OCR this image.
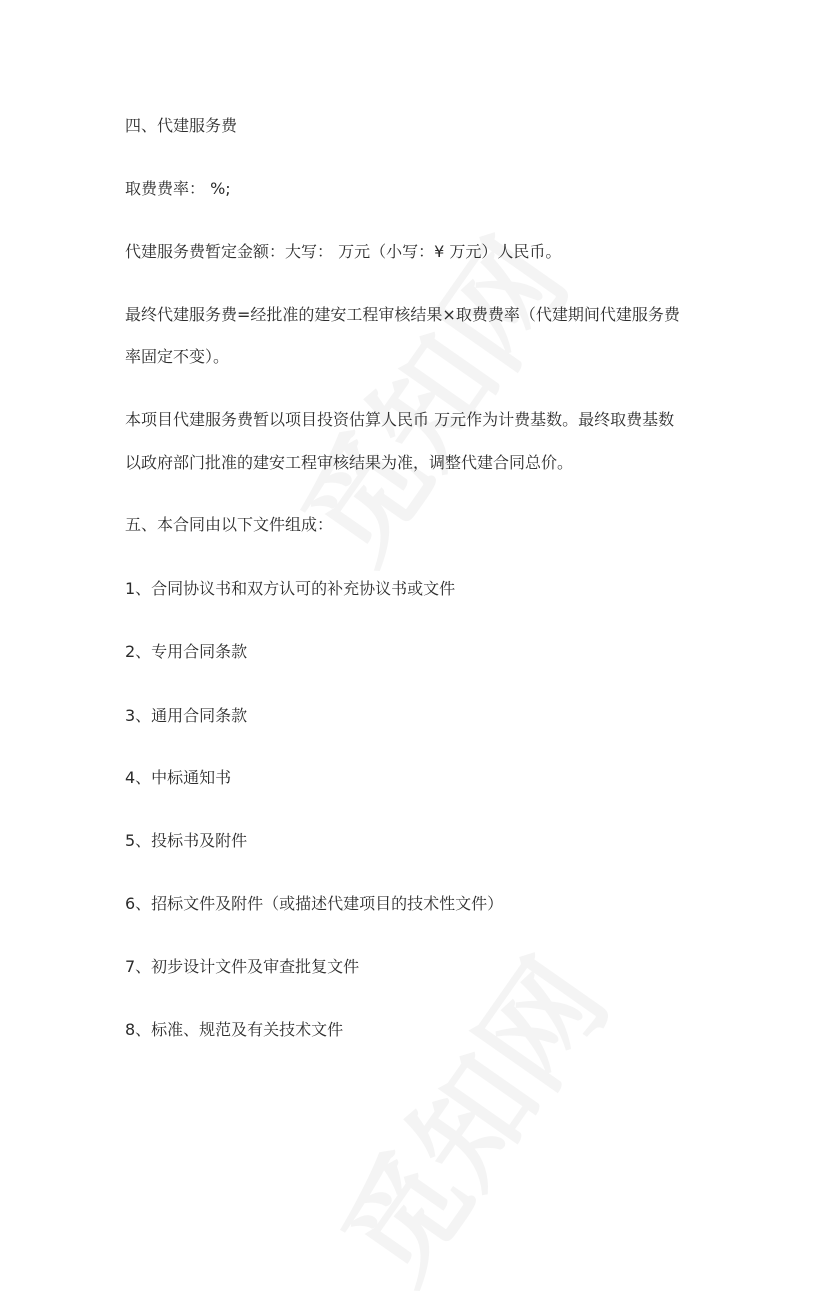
四、代建服务费

取费费率： %;

代建服务费暂定金额：大写： 万元（小写：¥ 万元）人民币。

最终代建服务费=经批准的建安工程审核结果×取费费率（代建期间代建服务费

率固定不变）。

本项目代建服务费暂以项目投资估算人民币 万元作为计费基数。最终取费基数

以政府部门批准的建安工程审核结果为准，调整代建合同总价。

五、本合同由以下文件组成：

1、合同协议书和双方认可的补充协议书或文件

2、专用合同条款

3、通用合同条款

4、中标通知书

5、投标书及附件

6、招标文件及附件（或描述代建项目的技术性文件）

7、初步设计文件及审查批复文件

8、标准、规范及有关技术文件
